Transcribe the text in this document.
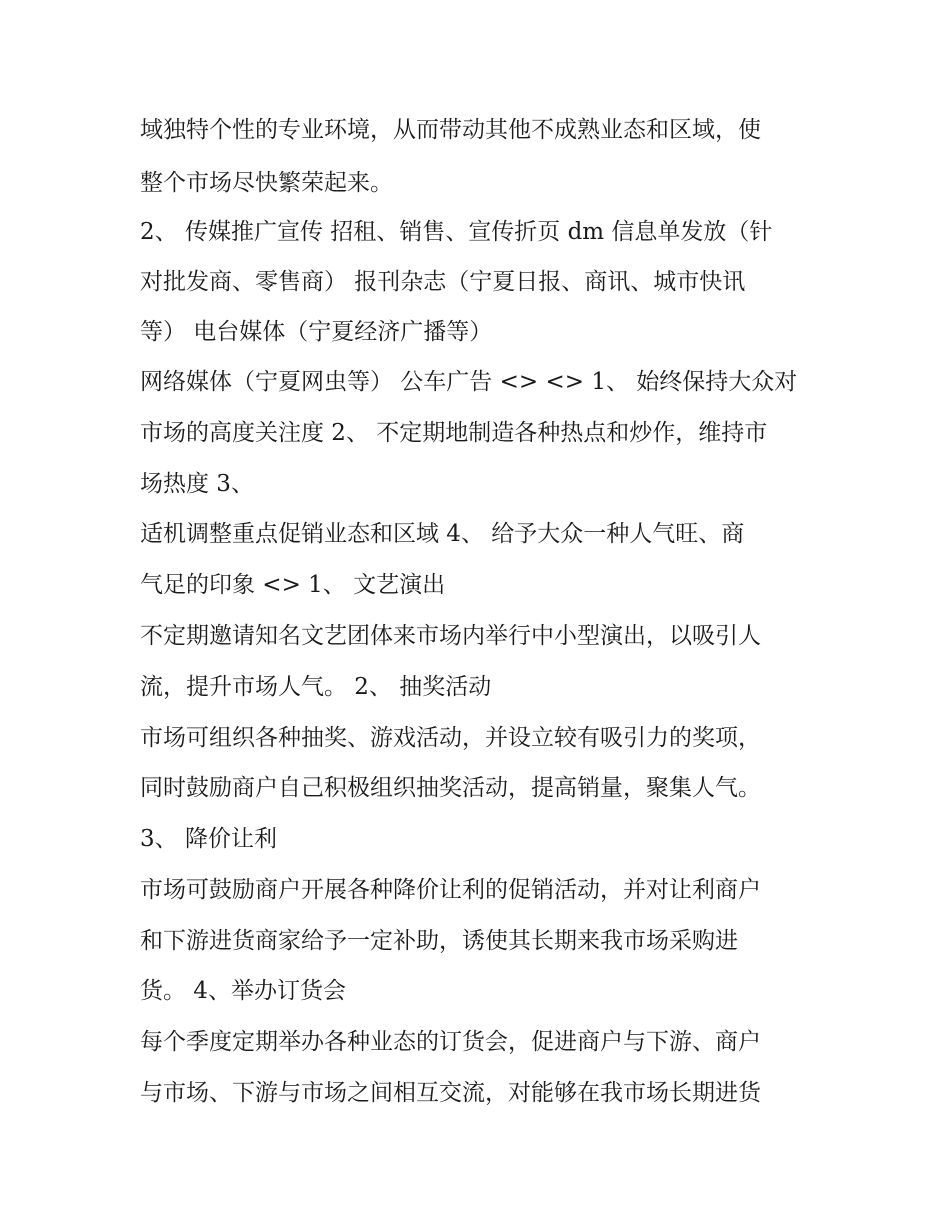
域独特个性的专业环境，从而带动其他不成熟业态和区域，使
整个市场尽快繁荣起来。
2、 传媒推广宣传 招租、销售、宣传折页 dm 信息单发放（针
对批发商、零售商） 报刊杂志（宁夏日报、商讯、城市快讯
等） 电台媒体（宁夏经济广播等）
网络媒体（宁夏网虫等） 公车广告 <> <> 1、 始终保持大众对
市场的高度关注度 2、 不定期地制造各种热点和炒作，维持市
场热度 3、
适机调整重点促销业态和区域 4、 给予大众一种人气旺、商
气足的印象 <> 1、 文艺演出
不定期邀请知名文艺团体来市场内举行中小型演出，以吸引人
流，提升市场人气。 2、 抽奖活动
市场可组织各种抽奖、游戏活动，并设立较有吸引力的奖项，
同时鼓励商户自己积极组织抽奖活动，提高销量，聚集人气。
3、 降价让利
市场可鼓励商户开展各种降价让利的促销活动，并对让利商户
和下游进货商家给予一定补助，诱使其长期来我市场采购进
货。 4、举办订货会
每个季度定期举办各种业态的订货会，促进商户与下游、商户
与市场、下游与市场之间相互交流，对能够在我市场长期进货
